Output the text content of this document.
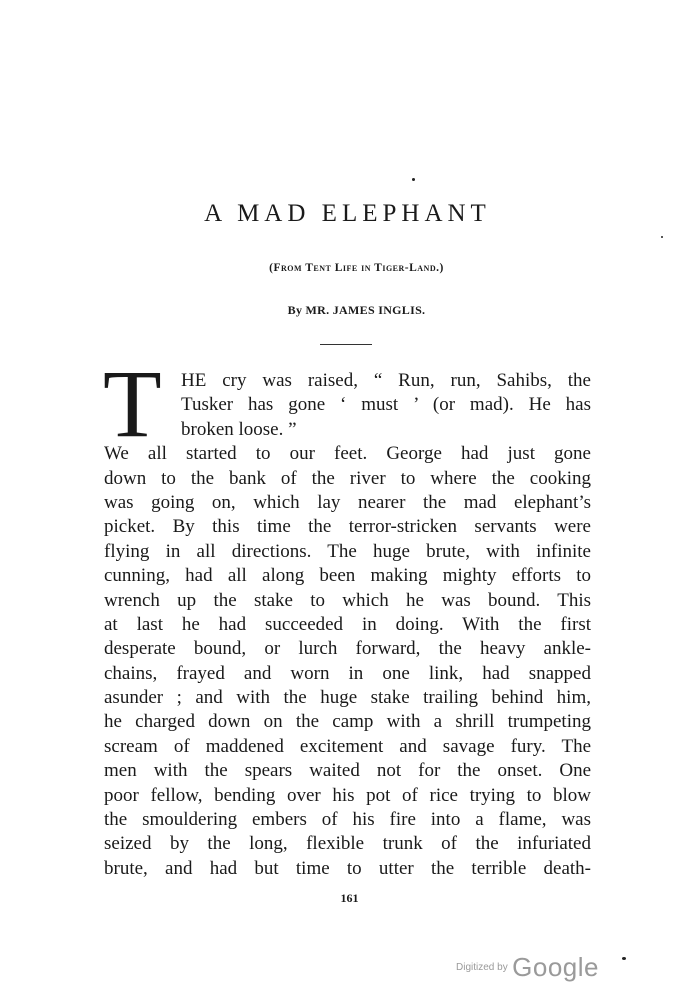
A MAD ELEPHANT
(From Tent Life in Tiger-Land.)
By MR. JAMES INGLIS.
T HE cry was raised, “ Run, run, Sahibs, the
Tusker has gone ‘ must ’ (or mad). He has
broken loose. ”
We all started to our feet. George had just gone
down to the bank of the river to where the cooking
was going on, which lay nearer the mad elephant’s
picket. By this time the terror-stricken servants were
flying in all directions. The huge brute, with infinite
cunning, had all along been making mighty efforts to
wrench up the stake to which he was bound. This
at last he had succeeded in doing. With the first
desperate bound, or lurch forward, the heavy ankle-
chains, frayed and worn in one link, had snapped
asunder ; and with the huge stake trailing behind him,
he charged down on the camp with a shrill trumpeting
scream of maddened excitement and savage fury. The
men with the spears waited not for the onset. One
poor fellow, bending over his pot of rice trying to blow
the smouldering embers of his fire into a flame, was
seized by the long, flexible trunk of the infuriated
brute, and had but time to utter the terrible death-
161
Digitized by Google
